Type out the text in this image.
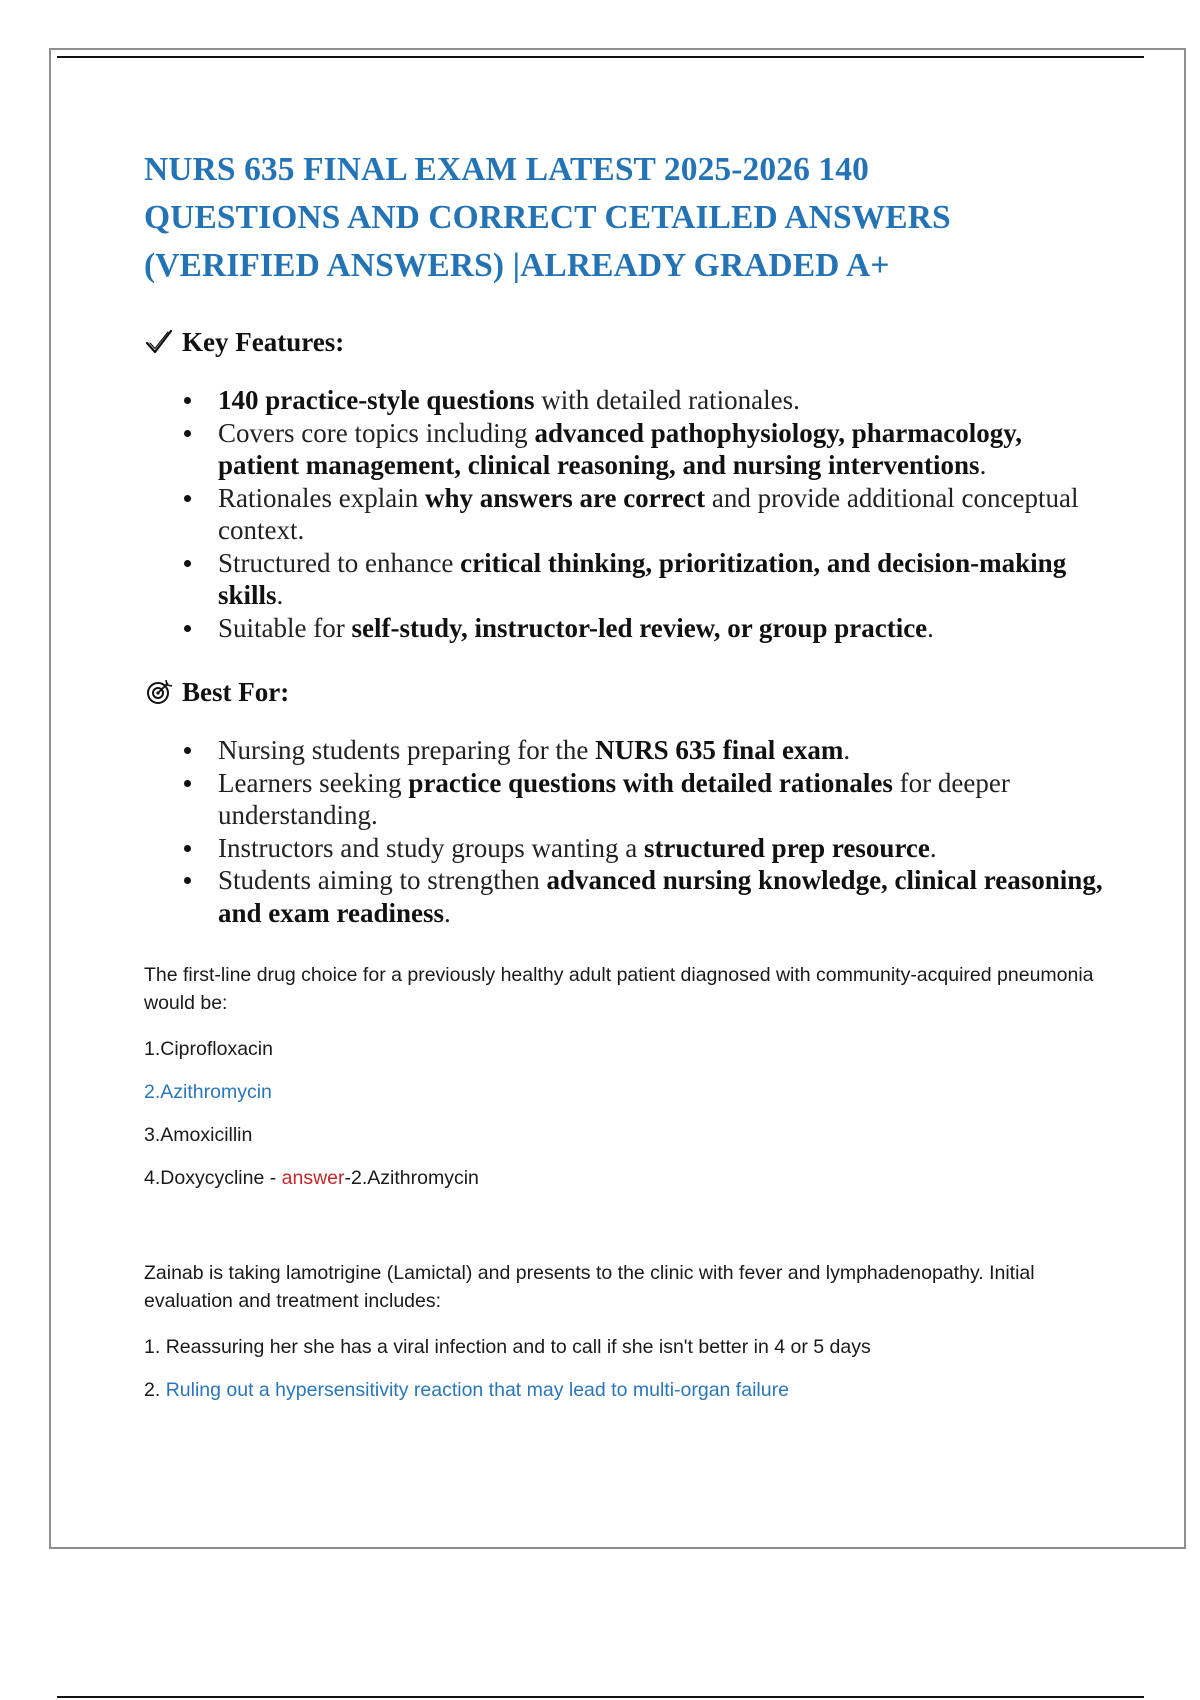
NURS 635 FINAL EXAM LATEST 2025-2026 140
QUESTIONS AND CORRECT CETAILED ANSWERS
(VERIFIED ANSWERS) |ALREADY GRADED A+
Key Features:
140 practice-style questions with detailed rationales.
Covers core topics including advanced pathophysiology, pharmacology, patient management, clinical reasoning, and nursing interventions.
Rationales explain why answers are correct and provide additional conceptual context.
Structured to enhance critical thinking, prioritization, and decision-making skills.
Suitable for self-study, instructor-led review, or group practice.
Best For:
Nursing students preparing for the NURS 635 final exam.
Learners seeking practice questions with detailed rationales for deeper understanding.
Instructors and study groups wanting a structured prep resource.
Students aiming to strengthen advanced nursing knowledge, clinical reasoning, and exam readiness.

The first-line drug choice for a previously healthy adult patient diagnosed with community-acquired pneumonia would be:

1.Ciprofloxacin

2.Azithromycin

3.Amoxicillin

4.Doxycycline - answer-2.Azithromycin

Zainab is taking lamotrigine (Lamictal) and presents to the clinic with fever and lymphadenopathy. Initial evaluation and treatment includes:

1. Reassuring her she has a viral infection and to call if she isn't better in 4 or 5 days

2. Ruling out a hypersensitivity reaction that may lead to multi-organ failure
